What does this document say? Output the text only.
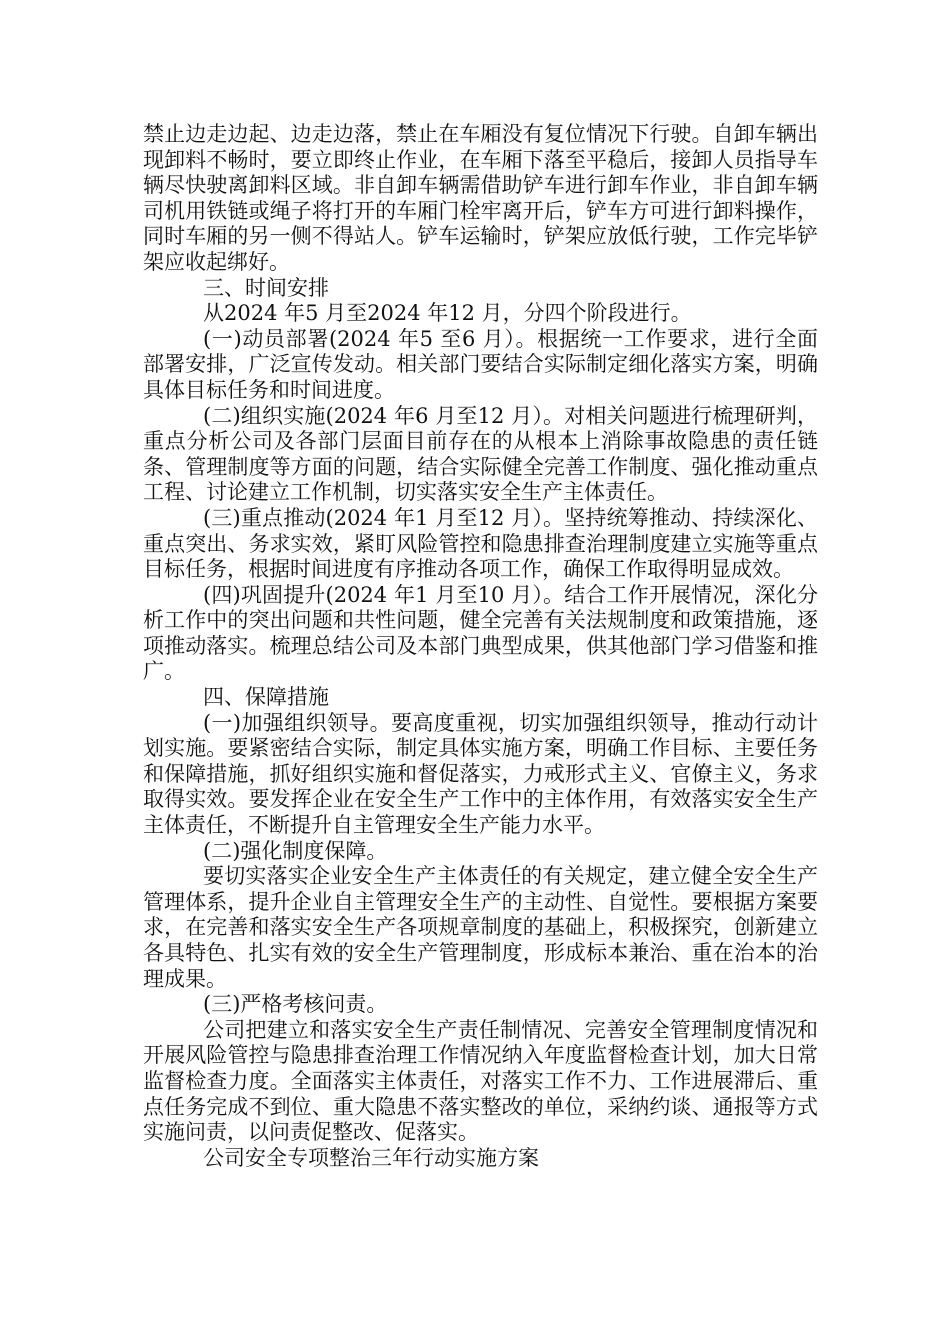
禁止边走边起、边走边落，禁止在车厢没有复位情况下行驶。自卸车辆出现卸料不畅时，要立即终止作业，在车厢下落至平稳后，接卸人员指导车辆尽快驶离卸料区域。非自卸车辆需借助铲车进行卸车作业，非自卸车辆司机用铁链或绳子将打开的车厢门栓牢离开后，铲车方可进行卸料操作，同时车厢的另一侧不得站人。铲车运输时，铲架应放低行驶，工作完毕铲架应收起绑好。

三、时间安排

从2024 年5 月至2024 年12 月，分四个阶段进行。

(一)动员部署(2024 年5 至6 月）。根据统一工作要求，进行全面部署安排，广泛宣传发动。相关部门要结合实际制定细化落实方案，明确具体目标任务和时间进度。

(二)组织实施(2024 年6 月至12 月）。对相关问题进行梳理研判，重点分析公司及各部门层面目前存在的从根本上消除事故隐患的责任链条、管理制度等方面的问题，结合实际健全完善工作制度、强化推动重点工程、讨论建立工作机制，切实落实安全生产主体责任。

(三)重点推动(2024 年1 月至12 月）。坚持统筹推动、持续深化、重点突出、务求实效，紧盯风险管控和隐患排查治理制度建立实施等重点目标任务，根据时间进度有序推动各项工作，确保工作取得明显成效。

(四)巩固提升(2024 年1 月至10 月）。结合工作开展情况，深化分析工作中的突出问题和共性问题，健全完善有关法规制度和政策措施，逐项推动落实。梳理总结公司及本部门典型成果，供其他部门学习借鉴和推广。

四、保障措施

(一)加强组织领导。要高度重视，切实加强组织领导，推动行动计划实施。要紧密结合实际，制定具体实施方案，明确工作目标、主要任务和保障措施，抓好组织实施和督促落实，力戒形式主义、官僚主义，务求取得实效。要发挥企业在安全生产工作中的主体作用，有效落实安全生产主体责任，不断提升自主管理安全生产能力水平。

(二)强化制度保障。

要切实落实企业安全生产主体责任的有关规定，建立健全安全生产管理体系，提升企业自主管理安全生产的主动性、自觉性。要根据方案要求，在完善和落实安全生产各项规章制度的基础上，积极探究，创新建立各具特色、扎实有效的安全生产管理制度，形成标本兼治、重在治本的治理成果。

(三)严格考核问责。

公司把建立和落实安全生产责任制情况、完善安全管理制度情况和开展风险管控与隐患排查治理工作情况纳入年度监督检查计划，加大日常监督检查力度。全面落实主体责任，对落实工作不力、工作进展滞后、重点任务完成不到位、重大隐患不落实整改的单位，采纳约谈、通报等方式实施问责，以问责促整改、促落实。

公司安全专项整治三年行动实施方案
